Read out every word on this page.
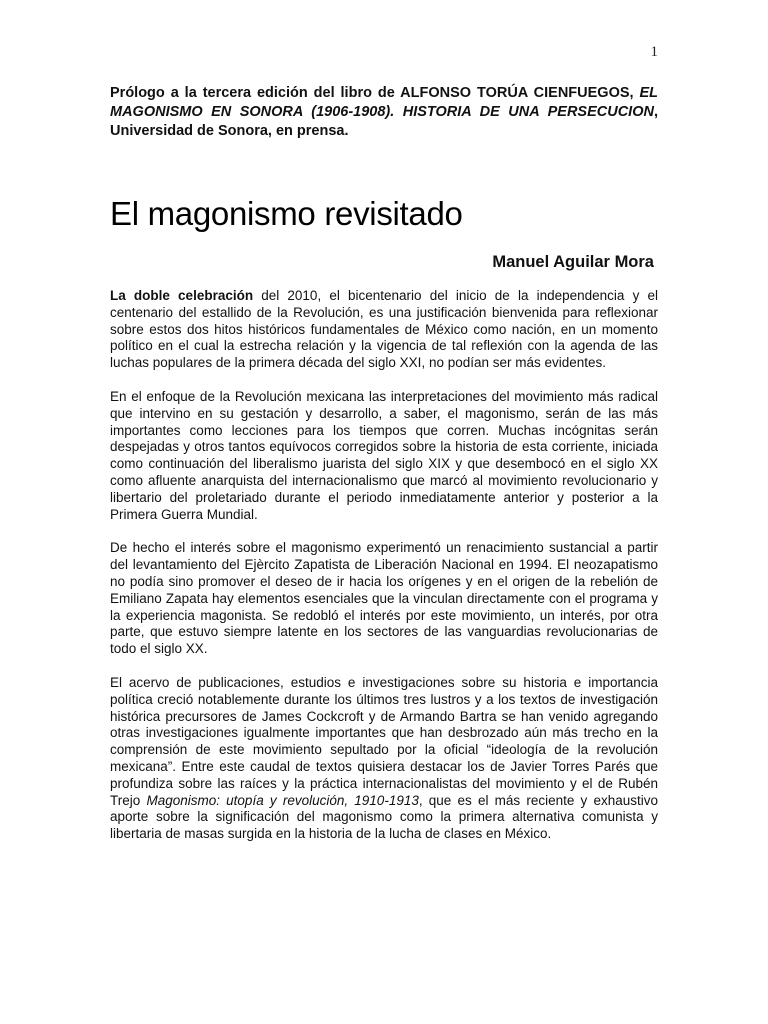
1

Prólogo a la tercera edición del libro de ALFONSO TORÚA CIENFUEGOS, EL MAGONISMO EN SONORA (1906-1908). HISTORIA DE UNA PERSECUCION, Universidad de Sonora, en prensa.

El magonismo revisitado
Manuel Aguilar Mora

La doble celebración del 2010, el bicentenario del inicio de la independencia y el centenario del estallido de la Revolución, es una justificación bienvenida para reflexionar sobre estos dos hitos históricos fundamentales de México como nación, en un momento político en el cual la estrecha relación y la vigencia de tal reflexión con la agenda de las luchas populares de la primera década del siglo XXI, no podían ser más evidentes.

En el enfoque de la Revolución mexicana las interpretaciones del movimiento más radical que intervino en su gestación y desarrollo, a saber, el magonismo, serán de las más importantes como lecciones para los tiempos que corren. Muchas incógnitas serán despejadas y otros tantos equívocos corregidos sobre la historia de esta corriente, iniciada como continuación del liberalismo juarista del siglo XIX y que desembocó en el siglo XX como afluente anarquista del internacionalismo que marcó al movimiento revolucionario y libertario del proletariado durante el periodo inmediatamente anterior y posterior a la Primera Guerra Mundial.

De hecho el interés sobre el magonismo experimentó un renacimiento sustancial a partir del levantamiento del Ejèrcito Zapatista de Liberación Nacional en 1994. El neozapatismo no podía sino promover el deseo de ir hacia los orígenes y en el origen de la rebelión de Emiliano Zapata hay elementos esenciales que la vinculan directamente con el programa y la experiencia magonista. Se redobló el interés por este movimiento, un interés, por otra parte, que estuvo siempre latente en los sectores de las vanguardias revolucionarias de todo el siglo XX.

El acervo de publicaciones, estudios e investigaciones sobre su historia e importancia política creció notablemente durante los últimos tres lustros y a los textos de investigación histórica precursores de James Cockcroft y de Armando Bartra se han venido agregando otras investigaciones igualmente importantes que han desbrozado aún más trecho en la comprensión de este movimiento sepultado por la oficial “ideología de la revolución mexicana”. Entre este caudal de textos quisiera destacar los de Javier Torres Parés que profundiza sobre las raíces y la práctica internacionalistas del movimiento y el de Rubén Trejo Magonismo: utopía y revolución, 1910-1913, que es el más reciente y exhaustivo aporte sobre la significación del magonismo como la primera alternativa comunista y libertaria de masas surgida en la historia de la lucha de clases en México.
